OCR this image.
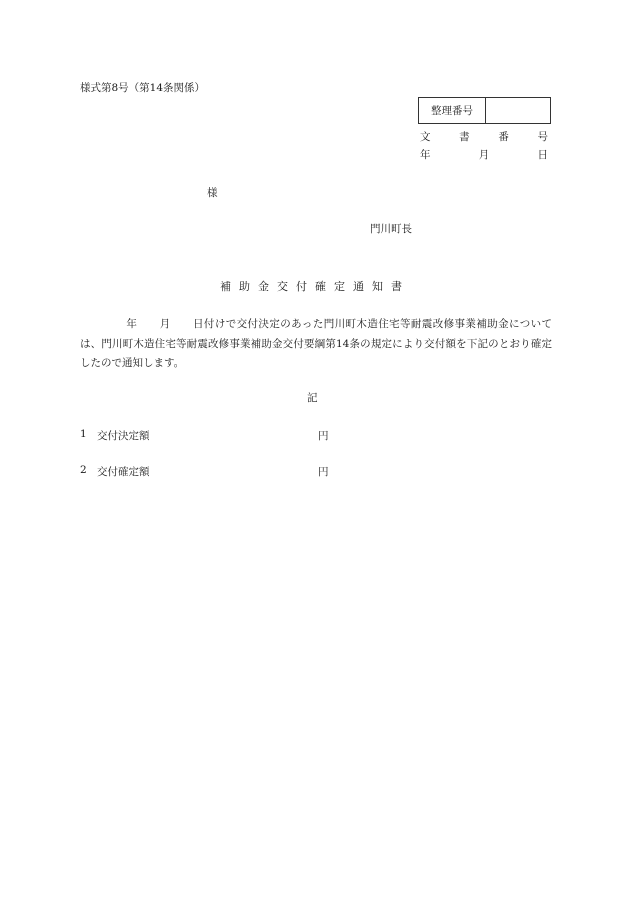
様式第8号（第14条関係）
整理番号
文	書	番	号
年	月	日
様
門川町長
補助金交付確定通知書
年 月 日付けで交付決定のあった門川町木造住宅等耐震改修事業補助金については、門川町木造住宅等耐震改修事業補助金交付要綱第14条の規定により交付額を下記のとおり確定したので通知します。
記
1 交付決定額	円
2 交付確定額	円
